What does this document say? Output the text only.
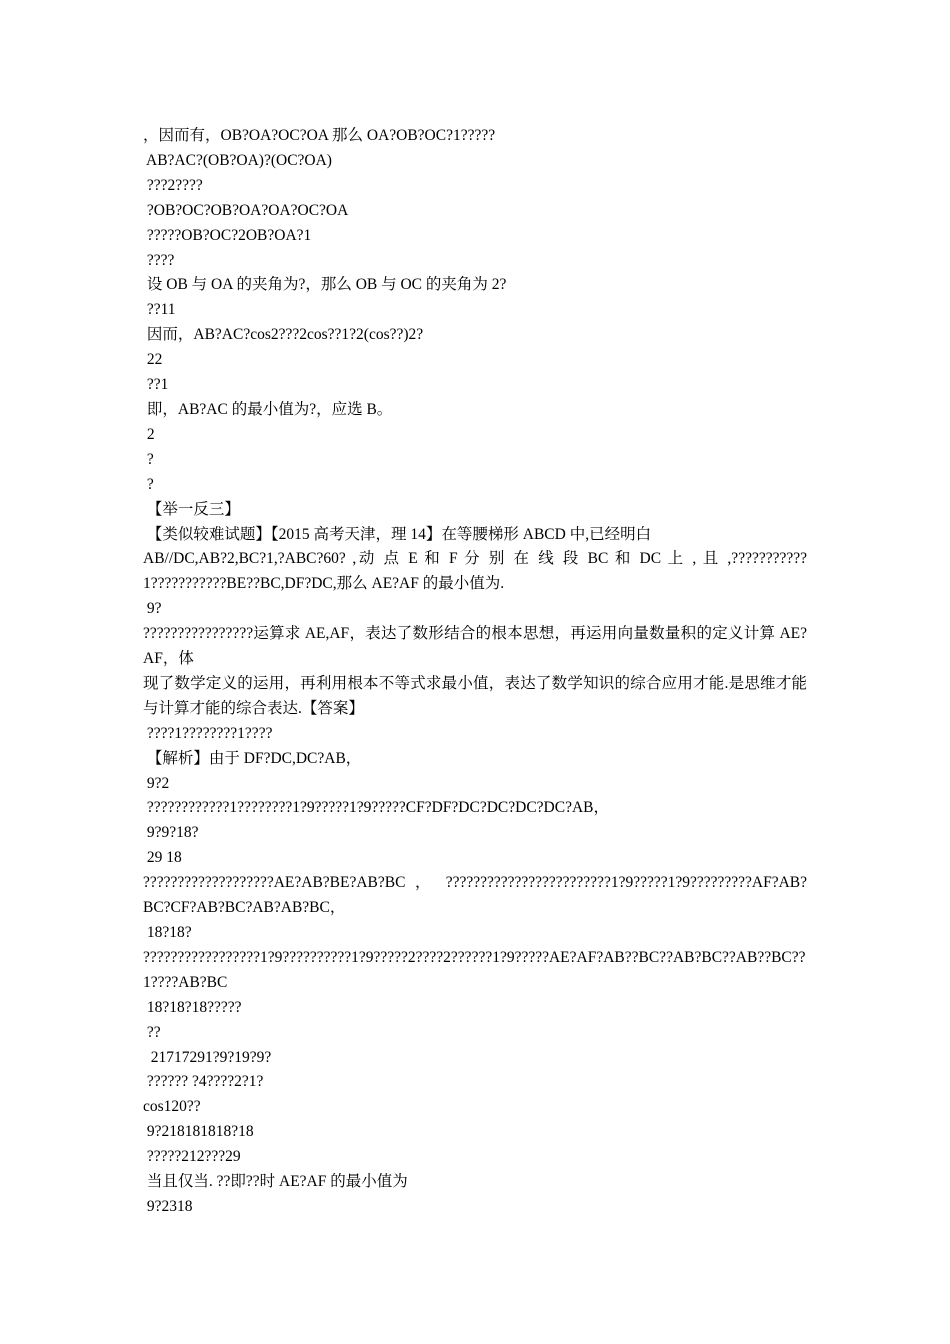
，因而有，OB?OA?OC?OA 那么 OA?OB?OC?1?????
AB?AC?(OB?OA)?(OC?OA)
???2????
?OB?OC?OB?OA?OA?OC?OA
?????OB?OC?2OB?OA?1
????
设 OB 与 OA 的夹角为?，那么 OB 与 OC 的夹角为 2?
??11
因而，AB?AC?cos2???2cos??1?2(cos??)2?
22
??1
即，AB?AC 的最小值为?，应选 B。
2
?
?
【举一反三】
【类似较难试题】【2015 高考天津，理 14】在等腰梯形 ABCD 中,已经明白
AB//DC,AB?2,BC?1,?ABC?60? ,动 点 E 和 F 分 别 在 线 段 BC 和 DC 上 , 且 ,???????????1???????????BE??BC,DF?DC,那么 AE?AF 的最小值为.
9?
????????????????运算求 AE,AF，表达了数形结合的根本思想，再运用向量数量积的定义计算 AE?AF，体
现了数学定义的运用，再利用根本不等式求最小值，表达了数学知识的综合应用才能.是思维才能与计算才能的综合表达.【答案】
????1????????1????
【解析】由于 DF?DC,DC?AB，
9?2
????????????1????????1?9?????1?9?????CF?DF?DC?DC?DC?DC?AB，
9?9?18?
29 18
???????????????????AE?AB?BE?AB?BC ， ????????????????????????1?9?????1?9?????????AF?AB?BC?CF?AB?BC?AB?AB?BC，
18?18?
?????????????????1?9??????????1?9?????2????2??????1?9?????AE?AF?AB??BC??AB?BC??AB??BC??1????AB?BC
18?18?18?????
??
21717291?9?19?9?
?????? ?4????2?1?
cos120??
9?218181818?18
?????212???29
当且仅当. ??即??时 AE?AF 的最小值为
9?2318
